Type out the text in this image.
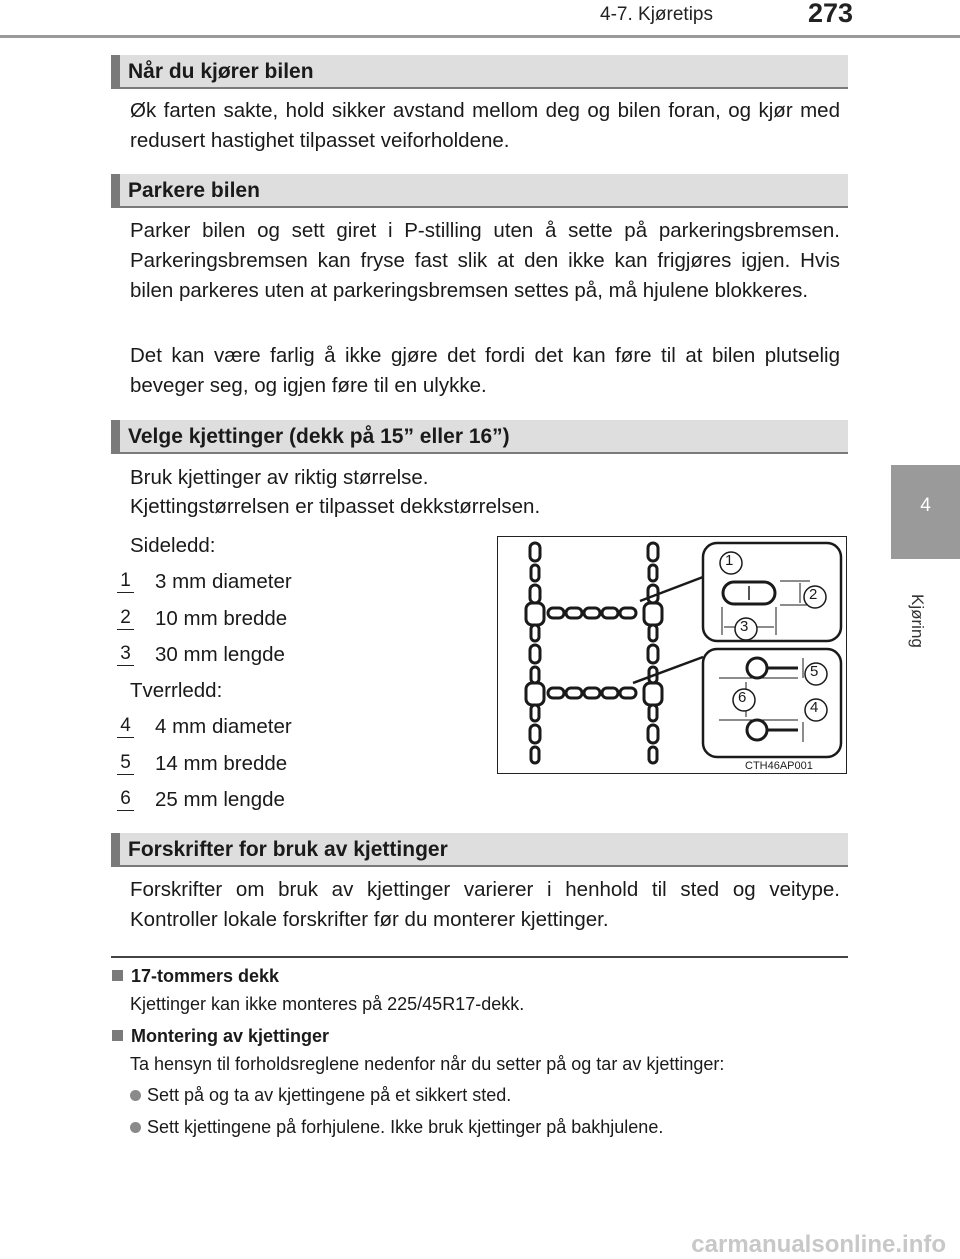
4-7. Kjøretips	273
4
Kjøring
Når du kjører bilen

Øk farten sakte, hold sikker avstand mellom deg og bilen foran, og kjør med redusert hastighet tilpasset veiforholdene.

Parkere bilen

Parker bilen og sett giret i P-stilling uten å sette på parkeringsbremsen. Parkeringsbremsen kan fryse fast slik at den ikke kan frigjøres igjen. Hvis bilen parkeres uten at parkeringsbremsen settes på, må hjulene blokkeres.

Det kan være farlig å ikke gjøre det fordi det kan føre til at bilen plutselig beveger seg, og igjen føre til en ulykke.

Velge kjettinger (dekk på 15” eller 16”)
Bruk kjettinger av riktig størrelse.
Kjettingstørrelsen er tilpasset dekkstørrelsen.
Sideledd:
1 3 mm diameter
2 10 mm bredde
3 30 mm lengde
Tverrledd:
4 4 mm diameter
5 14 mm bredde
6 25 mm lengde
1
2
3
5
6
4
CTH46AP001
Forskrifter for bruk av kjettinger

Forskrifter om bruk av kjettinger varierer i henhold til sted og veitype. Kontroller lokale forskrifter før du monterer kjettinger.

17-tommers dekk
Kjettinger kan ikke monteres på 225/45R17-dekk.
Montering av kjettinger
Ta hensyn til forholdsreglene nedenfor når du setter på og tar av kjettinger:
Sett på og ta av kjettingene på et sikkert sted.
Sett kjettingene på forhjulene. Ikke bruk kjettinger på bakhjulene.
carmanualsonline.info
